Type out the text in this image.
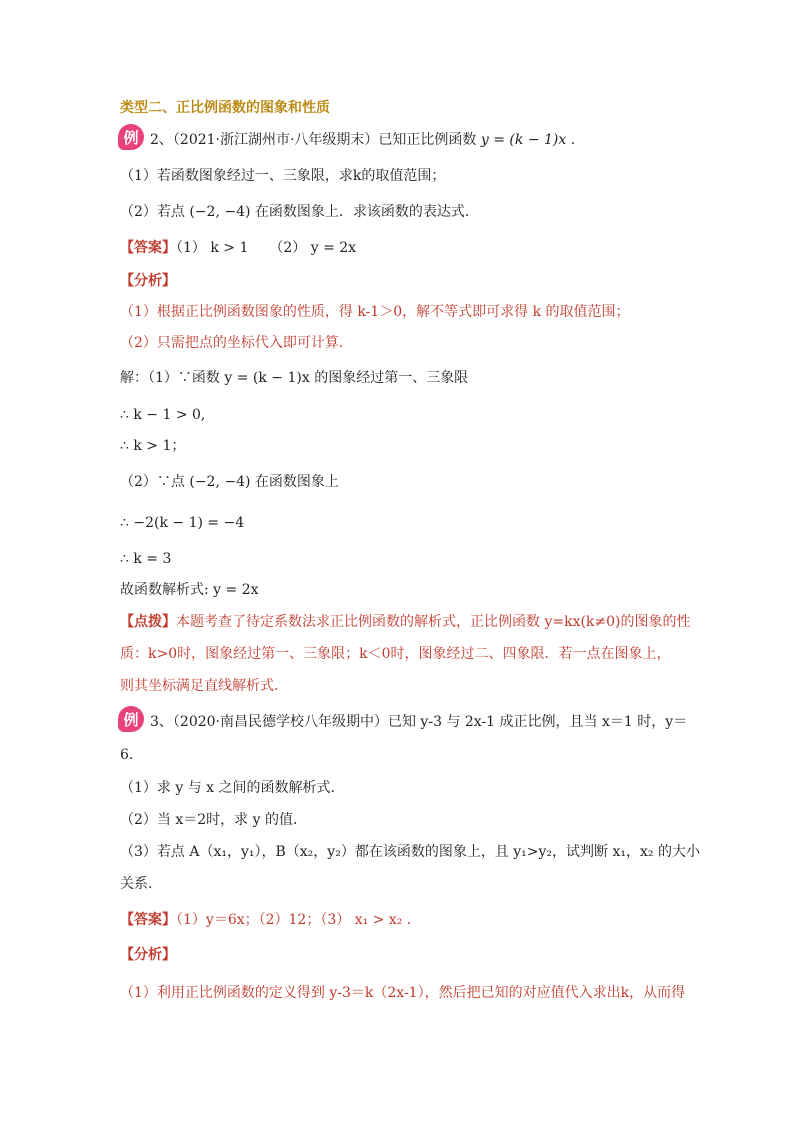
类型二、正比例函数的图象和性质
例 2、（2021·浙江湖州市·八年级期末）已知正比例函数 y = (k − 1)x .
（1）若函数图象经过一、三象限，求k的取值范围；
（2）若点 (−2, −4) 在函数图象上．求该函数的表达式．
【答案】（1） k > 1　　（2） y = 2x
【分析】
（1）根据正比例函数图象的性质，得 k-1＞0，解不等式即可求得 k 的取值范围；
（2）只需把点的坐标代入即可计算．
解：（1）∵函数 y = (k − 1)x 的图象经过第一、三象限
∴ k − 1 > 0,
∴ k > 1；
（2）∵点 (−2, −4) 在函数图象上
∴ −2(k − 1) = −4
∴ k = 3
故函数解析式: y = 2x
【点拨】本题考查了待定系数法求正比例函数的解析式，正比例函数 y=kx(k≠0)的图象的性
质：k>0时，图象经过第一、三象限；k＜0时，图象经过二、四象限．若一点在图象上，
则其坐标满足直线解析式．
例 3、（2020·南昌民德学校八年级期中）已知 y-3 与 2x-1 成正比例，且当 x＝1 时，y＝
6．
（1）求 y 与 x 之间的函数解析式．
（2）当 x＝2时，求 y 的值．
（3）若点 A（x₁，y₁），B（x₂，y₂）都在该函数的图象上，且 y₁>y₂，试判断 x₁，x₂ 的大小
关系．
【答案】（1）y＝6x；（2）12；（3） x₁ > x₂ ．
【分析】
（1）利用正比例函数的定义得到 y-3＝k（2x-1），然后把已知的对应值代入求出k，从而得
